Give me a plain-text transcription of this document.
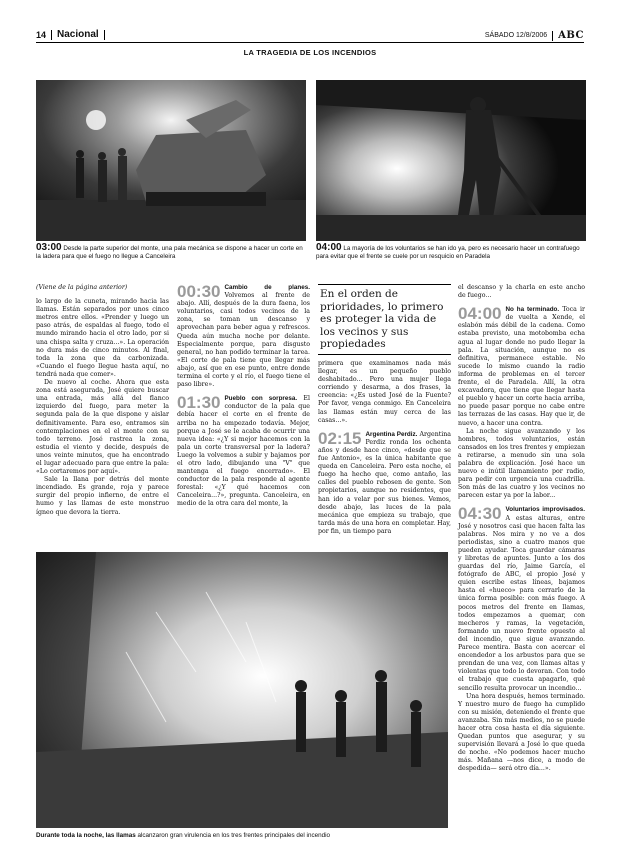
14 Nacional	SÁBADO 12/8/2006 ABC
LA TRAGEDIA DE LOS INCENDIOS
03:00 Desde la parte superior del monte, una pala mecánica se dispone a hacer un corte en la ladera para que el fuego no llegue a Canceleira
04:00 La mayoría de los voluntarios se han ido ya, pero es necesario hacer un contrafuego para evitar que el frente se cuele por un resquicio en Paradela

(Viene de la página anterior)

lo largo de la cuneta, mirando hacia las llamas. Están separados por unos cinco metros entre ellos. «Prender y luego un paso atrás, de espaldas al fuego, todo el mundo mirando hacia el otro lado, por si una chispa salta y cruza...». La operación no dura más de cinco minutos. Al final, toda la zona que da carbonizada. «Cuando el fuego llegue hasta aquí, no tendrá nada que comer».

De nuevo al coche. Ahora que esta zona está asegurada, José quiere buscar una entrada, más allá del flanco izquierdo del fuego, para meter la segunda pala de la que dispone y aislar definitivamente. Para eso, entramos sin contemplaciones en el el monte con su todo terreno. José rastrea la zona, estudia el viento y decide, después de unos veinte minutos, que ha encontrado el lugar adecuado para que entre la pala: «Lo cortaremos por aquí».

Sale la llana por detrás del monte incendiado. Es grande, roja y parece surgir del propio infierno, de entre el humo y las llamas de este monstruo ígneo que devora la tierra.

00:30 Cambio de planes. Volvemos al frente de abajo. Allí, después de la dura faena, los voluntarios, casi todos vecinos de la zona, se toman un descanso y aprovechan para beber agua y refrescos. Queda aún mucha noche por delante. Especialmente porque, para disgusto general, no han podido terminar la tarea. «El corte de pala tiene que llegar más abajo, así que en ese punto, entre donde termina el corte y el río, el fuego tiene el paso libre».

01:30 Pueblo con sorpresa. El conductor de la pala que debía hacer el corte en el frente de arriba no ha empezado todavía. Mejor, porque a José se le acaba de ocurrir una nueva idea: «¿Y si mejor hacemos con la pala un corte transversal por la ladera? Luego la volvemos a subir y bajamos por el otro lado, dibujando una "V" que mantenga el fuego encerrado». El conductor de la pala responde al agente forestal: «¿Y qué hacemos con Canceleira...?», pregunta. Canceleira, en medio de la otra cara del monte, la

En el orden de prioridades, lo primero es proteger la vida de los vecinos y sus propiedades

primera que examinamos nada más llegar, es un pequeño pueblo deshabitado... Pero una mujer llega corriendo y desarma, a dos frases, la creencia: «¿Es usted José de la Fuente? Por favor, venga conmigo. En Canceleira las llamas están muy cerca de las casas...».

02:15 Argentina Perdiz. Argentina Perdiz ronda los ochenta años y desde hace cinco, «desde que se fue Antonio», es la única habitante que queda en Canceleira. Pero esta noche, el fuego ha hecho que, como antaño, las calles del pueblo rebosen de gente. Son propietarios, aunque no residentes, que han ido a velar por sus bienes. Vemos, desde abajo, las luces de la pala mecánica que empieza su trabajo, que tarda más de una hora en completar. Hay, por fin, un tiempo para

el descanso y la charla en este ancho de fuego...

04:00 No ha terminado. Toca ir de vuelta a Xende, el eslabón más débil de la cadena. Como estaba previsto, una motobomba echa agua al lugar donde no pudo llegar la pala. La situación, aunque no es definitiva, permanece estable. No sucede lo mismo cuando la radio informa de problemas en el tercer frente, el de Paradela. Allí, la otra excavadora, que tiene que llegar hasta el pueblo y hacer un corte hacia arriba, no puede pasar porque no cabe entre las terrazas de las casas. Hay que ir, de nuevo, a hacer una contra.

La noche sigue avanzando y los hombres, todos voluntarios, están cansados en los tres frentes y empiezan a retirarse, a menudo sin una sola palabra de explicación. José hace un nuevo e inútil llamamiento por radio, para pedir con urgencia una cuadrilla. Son más de las cuatro y los vecinos no parecen estar ya por la labor...

04:30 Voluntarios improvisados. A estas alturas, entre José y nosotros casi que hacen falta las palabras. Nos mira y no ve a dos periodistas, sino a cuatro manos que pueden ayudar. Toca guardar cámaras y libretas de apuntes. Junto a los dos guardas del río, Jaime García, el fotógrafo de ABC, el propio José y quien escribe estas líneas, bajamos hasta el «hueco» para cerrarlo de la única forma posible: con más fuego. A pocos metros del frente en llamas, todos empezamos a quemar, con mecheros y ramas, la vegetación, formando un nuevo frente opuesto al del incendio, que sigue avanzando. Parece mentira. Basta con acercar el encendedor a los arbustos para que se prendan de una vez, con llamas altas y violentas que todo lo devoran. Con todo el trabajo que cuesta apagarlo, qué sencillo resulta provocar un incendio...

Una hora después, hemos terminado. Y nuestro muro de fuego ha cumplido con su misión, deteniendo el frente que avanzaba. Sin más medios, no se puede hacer otra cosa hasta el día siguiente. Quedan puntos que asegurar, y su supervisión llevará a José lo que queda de noche. «No podemos hacer mucho más. Mañana —nos dice, a modo de despedida— será otro día...».

Durante toda la noche, las llamas alcanzaron gran virulencia en los tres frentes principales del incendio
